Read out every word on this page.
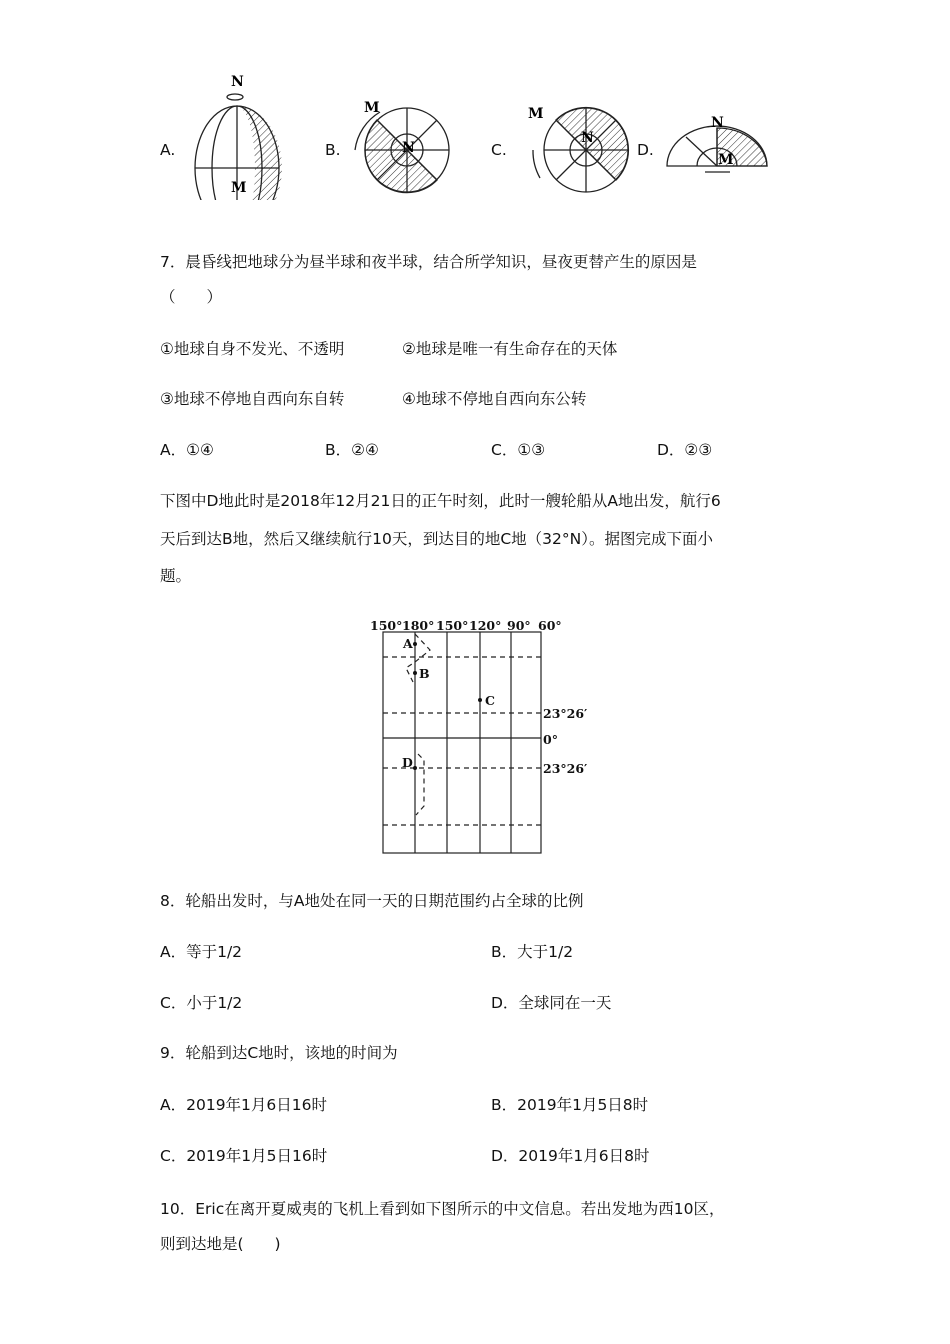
N
M
M
N
M
N
N
M
A.	B.	C.	D.
7．晨昏线把地球分为昼半球和夜半球，结合所学知识，昼夜更替产生的原因是
（　　）
①地球自身不发光、不透明	②地球是唯一有生命存在的天体
③地球不停地自西向东自转	④地球不停地自西向东公转
A．①④	B．②④	C．①③	D．②③
下图中D地此时是2018年12月21日的正午时刻，此时一艘轮船从A地出发，航行6
天后到达B地，然后又继续航行10天，到达目的地C地（32°N）。据图完成下面小
题。
150° 180° 150° 120° 90° 60°
23°26′
0°
23°26′
A
B
C
D
8．轮船出发时，与A地处在同一天的日期范围约占全球的比例
A．等于1/2	B．大于1/2
C．小于1/2	D．全球同在一天
9．轮船到达C地时，该地的时间为
A．2019年1月6日16时	B．2019年1月5日8时
C．2019年1月5日16时	D．2019年1月6日8时
10．Eric在离开夏威夷的飞机上看到如下图所示的中文信息。若出发地为西10区，
则到达地是(　　)
